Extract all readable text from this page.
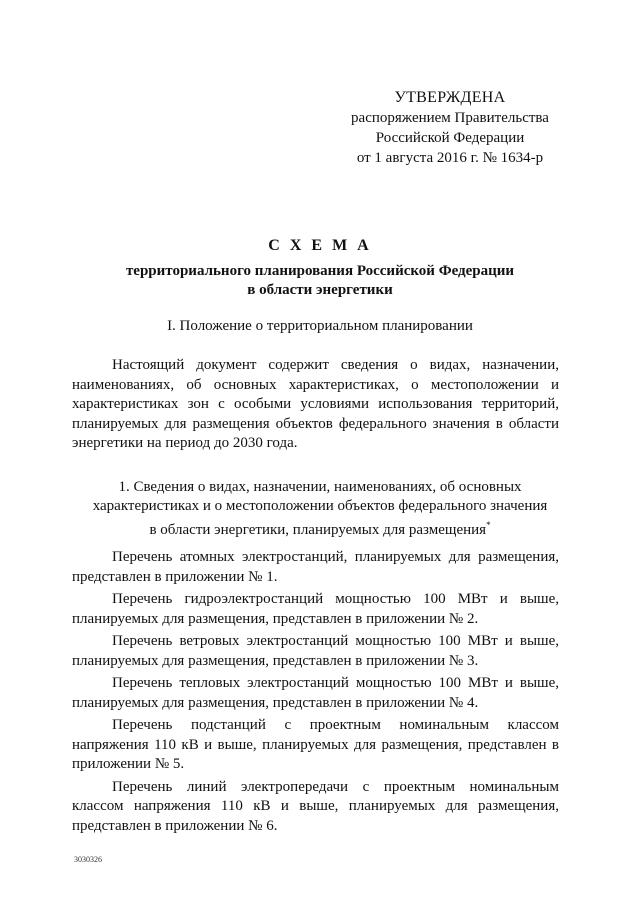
УТВЕРЖДЕНА
распоряжением Правительства
Российской Федерации
от 1 августа 2016 г. № 1634-р
С Х Е М А
территориального планирования Российской Федерации
в области энергетики
I. Положение о территориальном планировании

Настоящий документ содержит сведения о видах, назначении, наименованиях, об основных характеристиках, о местоположении и характеристиках зон с особыми условиями использования территорий, планируемых для размещения объектов федерального значения в области энергетики на период до 2030 года.

1. Сведения о видах, назначении, наименованиях, об основных
характеристиках и о местоположении объектов федерального значения
в области энергетики, планируемых для размещения*

Перечень атомных электростанций, планируемых для размещения, представлен в приложении № 1.

Перечень гидроэлектростанций мощностью 100 МВт и выше, планируемых для размещения, представлен в приложении № 2.

Перечень ветровых электростанций мощностью 100 МВт и выше, планируемых для размещения, представлен в приложении № 3.

Перечень тепловых электростанций мощностью 100 МВт и выше, планируемых для размещения, представлен в приложении № 4.

Перечень подстанций с проектным номинальным классом напряжения 110 кВ и выше, планируемых для размещения, представлен в приложении № 5.

Перечень линий электропередачи с проектным номинальным классом напряжения 110 кВ и выше, планируемых для размещения, представлен в приложении № 6.

3030326
